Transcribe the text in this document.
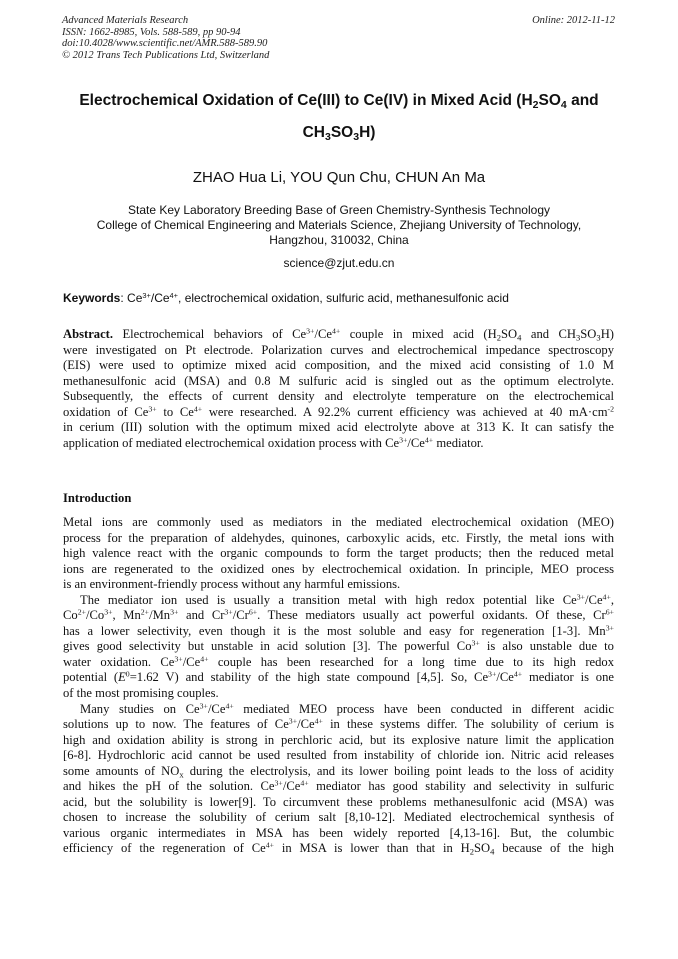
Advanced Materials Research
ISSN: 1662-8985, Vols. 588-589, pp 90-94
doi:10.4028/www.scientific.net/AMR.588-589.90
© 2012 Trans Tech Publications Ltd, Switzerland
Online: 2012-11-12
Electrochemical Oxidation of Ce(III) to Ce(IV) in Mixed Acid ($H_2SO_4$ and
$CH_3SO_3H$)
ZHAO Hua Li, YOU Qun Chu, CHUN An Ma
State Key Laboratory Breeding Base of Green Chemistry-Synthesis Technology
College of Chemical Engineering and Materials Science, Zhejiang University of Technology,
Hangzhou, 310032, China
science@zjut.edu.cn
Keywords: $Ce^{3+}/Ce^{4+}$, electrochemical oxidation, sulfuric acid, methanesulfonic acid
Abstract. Electrochemical behaviors of $Ce^{3+}/Ce^{4+}$ couple in mixed acid ($H_2SO_4$ and $CH_3SO_3H$)
were investigated on Pt electrode. Polarization curves and electrochemical impedance spectroscopy
(EIS) were used to optimize mixed acid composition, and the mixed acid consisting of 1.0 M
methanesulfonic acid (MSA) and 0.8 M sulfuric acid is singled out as the optimum electrolyte.
Subsequently, the effects of current density and electrolyte temperature on the electrochemical
oxidation of $Ce^{3+}$ to $Ce^{4+}$ were researched. A 92.2% current efficiency was achieved at 40 $mA\cdot cm^{-2}$
in cerium (III) solution with the optimum mixed acid electrolyte above at 313 K. It can satisfy the
application of mediated electrochemical oxidation process with $Ce^{3+}/Ce^{4+}$ mediator.
Introduction
Metal ions are commonly used as mediators in the mediated electrochemical oxidation (MEO)
process for the preparation of aldehydes, quinones, carboxylic acids, etc. Firstly, the metal ions with
high valence react with the organic compounds to form the target products; then the reduced metal
ions are regenerated to the oxidized ones by electrochemical oxidation. In principle, MEO process
is an environment-friendly process without any harmful emissions.
The mediator ion used is usually a transition metal with high redox potential like $Ce^{3+}/Ce^{4+}$,
$Co^{2+}/Co^{3+}$, $Mn^{2+}/Mn^{3+}$ and $Cr^{3+}/Cr^{6+}$. These mediators usually act powerful oxidants. Of these, $Cr^{6+}$
has a lower selectivity, even though it is the most soluble and easy for regeneration [1-3]. $Mn^{3+}$
gives good selectivity but unstable in acid solution [3]. The powerful $Co^{3+}$ is also unstable due to
water oxidation. $Ce^{3+}/Ce^{4+}$ couple has been researched for a long time due to its high redox
potential ($E^0=1.62$ V) and stability of the high state compound [4,5]. So, $Ce^{3+}/Ce^{4+}$ mediator is one
of the most promising couples.
Many studies on $Ce^{3+}/Ce^{4+}$ mediated MEO process have been conducted in different acidic
solutions up to now. The features of $Ce^{3+}/Ce^{4+}$ in these systems differ. The solubility of cerium is
high and oxidation ability is strong in perchloric acid, but its explosive nature limit the application
[6-8]. Hydrochloric acid cannot be used resulted from instability of chloride ion. Nitric acid releases
some amounts of $NO_x$ during the electrolysis, and its lower boiling point leads to the loss of acidity
and hikes the pH of the solution. $Ce^{3+}/Ce^{4+}$ mediator has good stability and selectivity in sulfuric
acid, but the solubility is lower[9]. To circumvent these problems methanesulfonic acid (MSA) was
chosen to increase the solubility of cerium salt [8,10-12]. Mediated electrochemical synthesis of
various organic intermediates in MSA has been widely reported [4,13-16]. But, the columbic
efficiency of the regeneration of $Ce^{4+}$ in MSA is lower than that in $H_2SO_4$ because of the high
